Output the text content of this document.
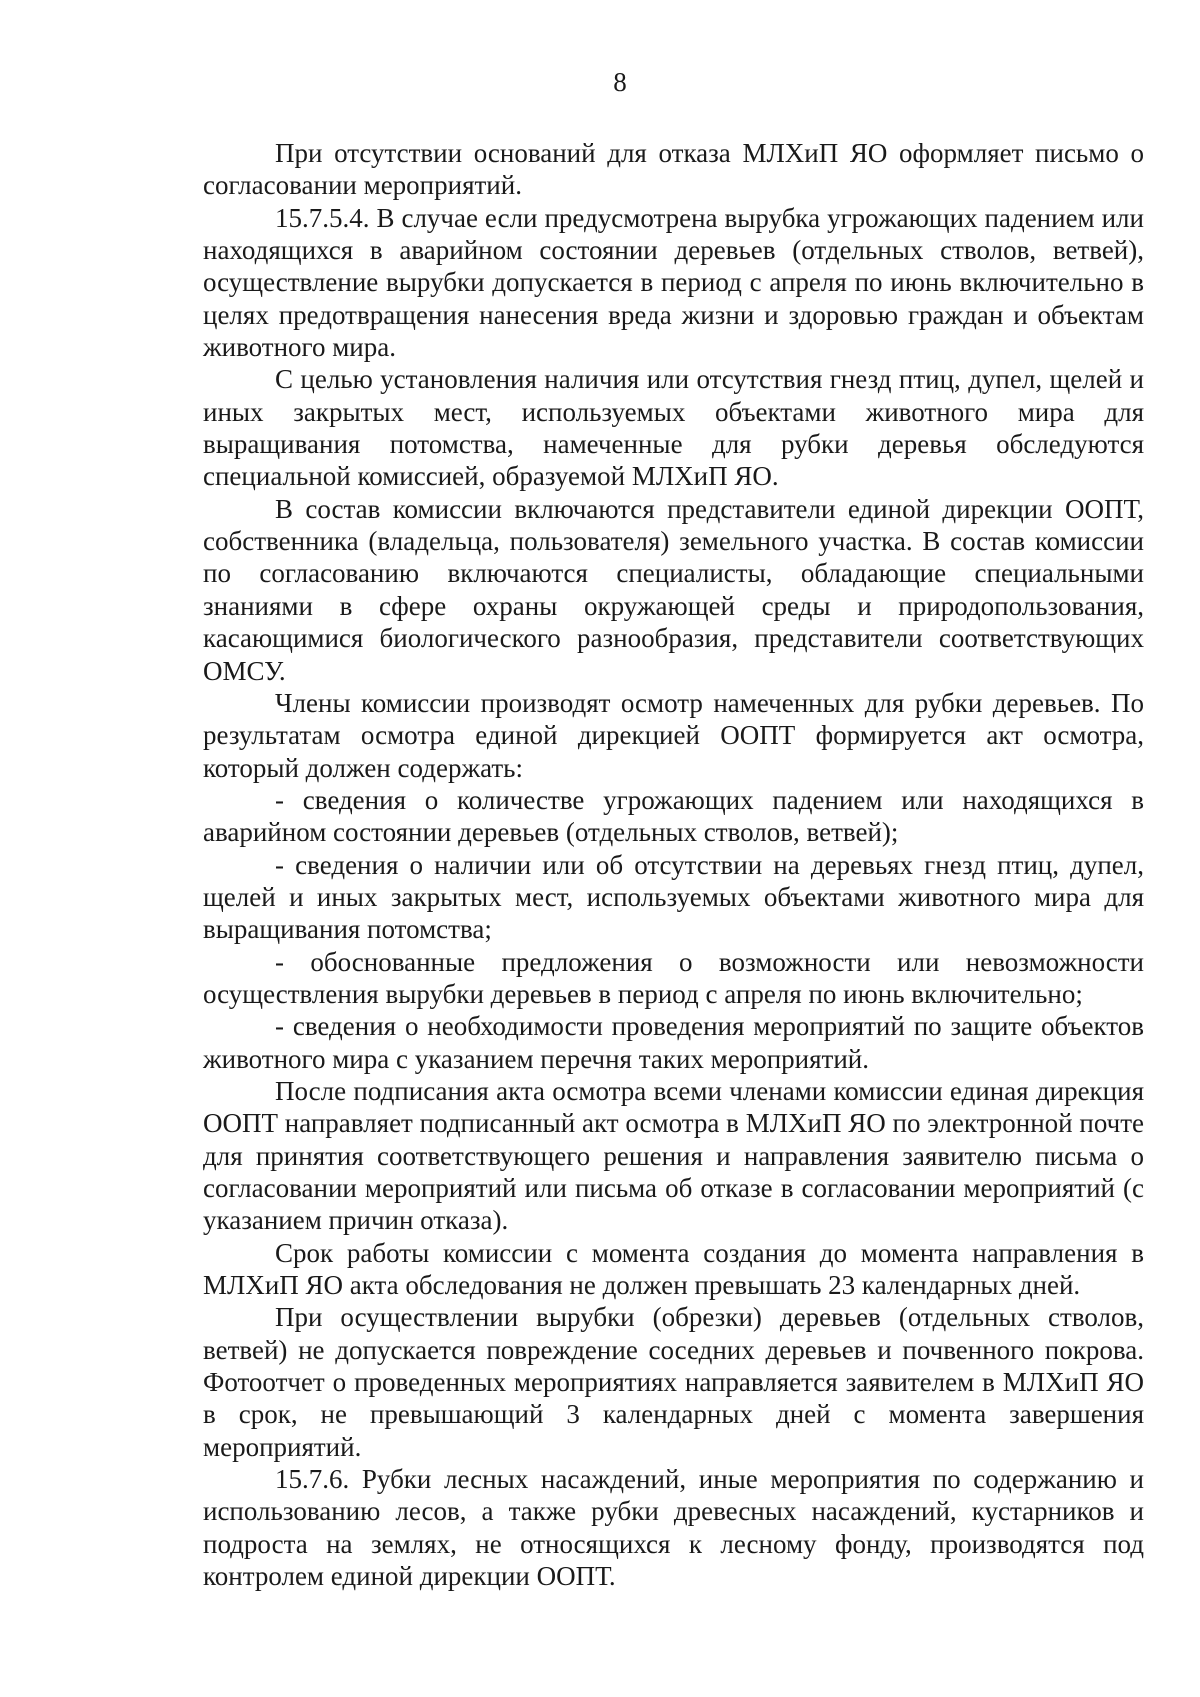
8

При отсутствии оснований для отказа МЛХиП ЯО оформляет письмо о согласовании мероприятий.

15.7.5.4. В случае если предусмотрена вырубка угрожающих падением или находящихся в аварийном состоянии деревьев (отдельных стволов, ветвей), осуществление вырубки допускается в период с апреля по июнь включительно в целях предотвращения нанесения вреда жизни и здоровью граждан и объектам животного мира.

С целью установления наличия или отсутствия гнезд птиц, дупел, щелей и иных закрытых мест, используемых объектами животного мира для выращивания потомства, намеченные для рубки деревья обследуются специальной комиссией, образуемой МЛХиП ЯО.

В состав комиссии включаются представители единой дирекции ООПТ, собственника (владельца, пользователя) земельного участка. В состав комиссии по согласованию включаются специалисты, обладающие специальными знаниями в сфере охраны окружающей среды и природопользования, касающимися биологического разнообразия, представители соответствующих ОМСУ.

Члены комиссии производят осмотр намеченных для рубки деревьев. По результатам осмотра единой дирекцией ООПТ формируется акт осмотра, который должен содержать:

- сведения о количестве угрожающих падением или находящихся в аварийном состоянии деревьев (отдельных стволов, ветвей);

- сведения о наличии или об отсутствии на деревьях гнезд птиц, дупел, щелей и иных закрытых мест, используемых объектами животного мира для выращивания потомства;

- обоснованные предложения о возможности или невозможности осуществления вырубки деревьев в период с апреля по июнь включительно;

- сведения о необходимости проведения мероприятий по защите объектов животного мира с указанием перечня таких мероприятий.

После подписания акта осмотра всеми членами комиссии единая дирекция ООПТ направляет подписанный акт осмотра в МЛХиП ЯО по электронной почте для принятия соответствующего решения и направления заявителю письма о согласовании мероприятий или письма об отказе в согласовании мероприятий (с указанием причин отказа).

Срок работы комиссии с момента создания до момента направления в МЛХиП ЯО акта обследования не должен превышать 23 календарных дней.

При осуществлении вырубки (обрезки) деревьев (отдельных стволов, ветвей) не допускается повреждение соседних деревьев и почвенного покрова. Фотоотчет о проведенных мероприятиях направляется заявителем в МЛХиП ЯО в срок, не превышающий 3 календарных дней с момента завершения мероприятий.

15.7.6. Рубки лесных насаждений, иные мероприятия по содержанию и использованию лесов, а также рубки древесных насаждений, кустарников и подроста на землях, не относящихся к лесному фонду, производятся под контролем единой дирекции ООПТ.
